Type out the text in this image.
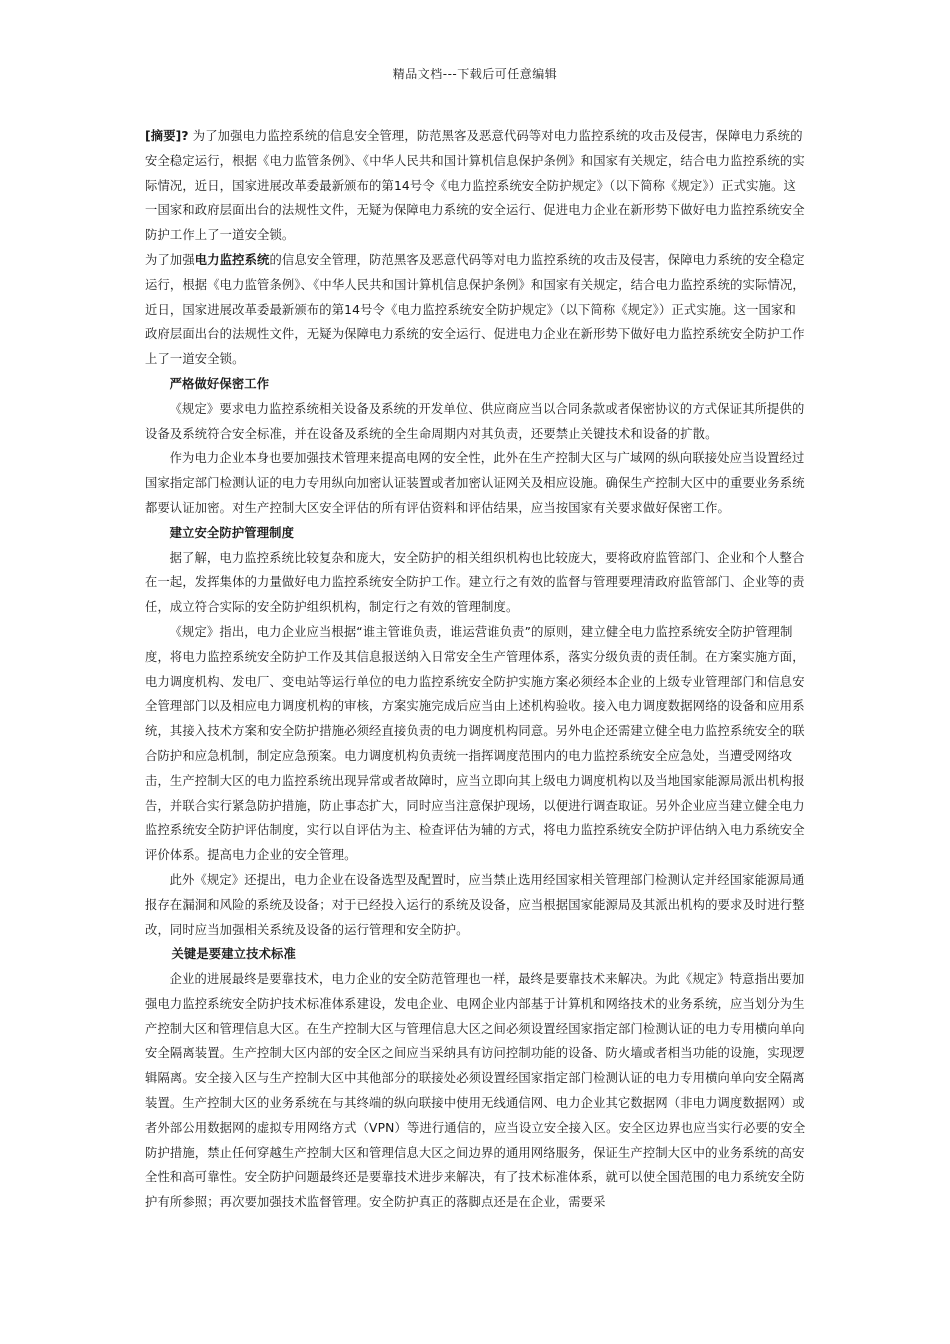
精品文档---下载后可任意编辑

[摘要]? 为了加强电力监控系统的信息安全管理，防范黑客及恶意代码等对电力监控系统的攻击及侵害，保障电力系统的安全稳定运行，根据《电力监管条例》、《中华人民共和国计算机信息保护条例》和国家有关规定，结合电力监控系统的实际情况，近日，国家进展改革委最新颁布的第14号令《电力监控系统安全防护规定》（以下简称《规定》）正式实施。这一国家和政府层面出台的法规性文件，无疑为保障电力系统的安全运行、促进电力企业在新形势下做好电力监控系统安全防护工作上了一道安全锁。

为了加强电力监控系统的信息安全管理，防范黑客及恶意代码等对电力监控系统的攻击及侵害，保障电力系统的安全稳定运行，根据《电力监管条例》、《中华人民共和国计算机信息保护条例》和国家有关规定，结合电力监控系统的实际情况，近日，国家进展改革委最新颁布的第14号令《电力监控系统安全防护规定》（以下简称《规定》）正式实施。这一国家和政府层面出台的法规性文件，无疑为保障电力系统的安全运行、促进电力企业在新形势下做好电力监控系统安全防护工作上了一道安全锁。

严格做好保密工作

《规定》要求电力监控系统相关设备及系统的开发单位、供应商应当以合同条款或者保密协议的方式保证其所提供的设备及系统符合安全标准，并在设备及系统的全生命周期内对其负责，还要禁止关键技术和设备的扩散。

作为电力企业本身也要加强技术管理来提高电网的安全性，此外在生产控制大区与广域网的纵向联接处应当设置经过国家指定部门检测认证的电力专用纵向加密认证装置或者加密认证网关及相应设施。确保生产控制大区中的重要业务系统都要认证加密。对生产控制大区安全评估的所有评估资料和评估结果，应当按国家有关要求做好保密工作。

建立安全防护管理制度

据了解，电力监控系统比较复杂和庞大，安全防护的相关组织机构也比较庞大，要将政府监管部门、企业和个人整合在一起，发挥集体的力量做好电力监控系统安全防护工作。建立行之有效的监督与管理要理清政府监管部门、企业等的责任，成立符合实际的安全防护组织机构，制定行之有效的管理制度。

《规定》指出，电力企业应当根据“谁主管谁负责，谁运营谁负责”的原则，建立健全电力监控系统安全防护管理制度，将电力监控系统安全防护工作及其信息报送纳入日常安全生产管理体系，落实分级负责的责任制。在方案实施方面，电力调度机构、发电厂、变电站等运行单位的电力监控系统安全防护实施方案必须经本企业的上级专业管理部门和信息安全管理部门以及相应电力调度机构的审核，方案实施完成后应当由上述机构验收。接入电力调度数据网络的设备和应用系统，其接入技术方案和安全防护措施必须经直接负责的电力调度机构同意。另外电企还需建立健全电力监控系统安全的联合防护和应急机制，制定应急预案。电力调度机构负责统一指挥调度范围内的电力监控系统安全应急处，当遭受网络攻击，生产控制大区的电力监控系统出现异常或者故障时，应当立即向其上级电力调度机构以及当地国家能源局派出机构报告，并联合实行紧急防护措施，防止事态扩大，同时应当注意保护现场，以便进行调查取证。另外企业应当建立健全电力监控系统安全防护评估制度，实行以自评估为主、检查评估为辅的方式，将电力监控系统安全防护评估纳入电力系统安全评价体系。提高电力企业的安全管理。

此外《规定》还提出，电力企业在设备选型及配置时，应当禁止选用经国家相关管理部门检测认定并经国家能源局通报存在漏洞和风险的系统及设备；对于已经投入运行的系统及设备，应当根据国家能源局及其派出机构的要求及时进行整改，同时应当加强相关系统及设备的运行管理和安全防护。

关键是要建立技术标准

企业的进展最终是要靠技术，电力企业的安全防范管理也一样，最终是要靠技术来解决。为此《规定》特意指出要加强电力监控系统安全防护技术标准体系建设，发电企业、电网企业内部基于计算机和网络技术的业务系统，应当划分为生产控制大区和管理信息大区。在生产控制大区与管理信息大区之间必须设置经国家指定部门检测认证的电力专用横向单向安全隔离装置。生产控制大区内部的安全区之间应当采纳具有访问控制功能的设备、防火墙或者相当功能的设施，实现逻辑隔离。安全接入区与生产控制大区中其他部分的联接处必须设置经国家指定部门检测认证的电力专用横向单向安全隔离装置。生产控制大区的业务系统在与其终端的纵向联接中使用无线通信网、电力企业其它数据网（非电力调度数据网）或者外部公用数据网的虚拟专用网络方式（VPN）等进行通信的，应当设立安全接入区。安全区边界也应当实行必要的安全防护措施，禁止任何穿越生产控制大区和管理信息大区之间边界的通用网络服务，保证生产控制大区中的业务系统的高安全性和高可靠性。安全防护问题最终还是要靠技术进步来解决，有了技术标准体系，就可以使全国范围的电力系统安全防护有所参照；再次要加强技术监督管理。安全防护真正的落脚点还是在企业，需要采
